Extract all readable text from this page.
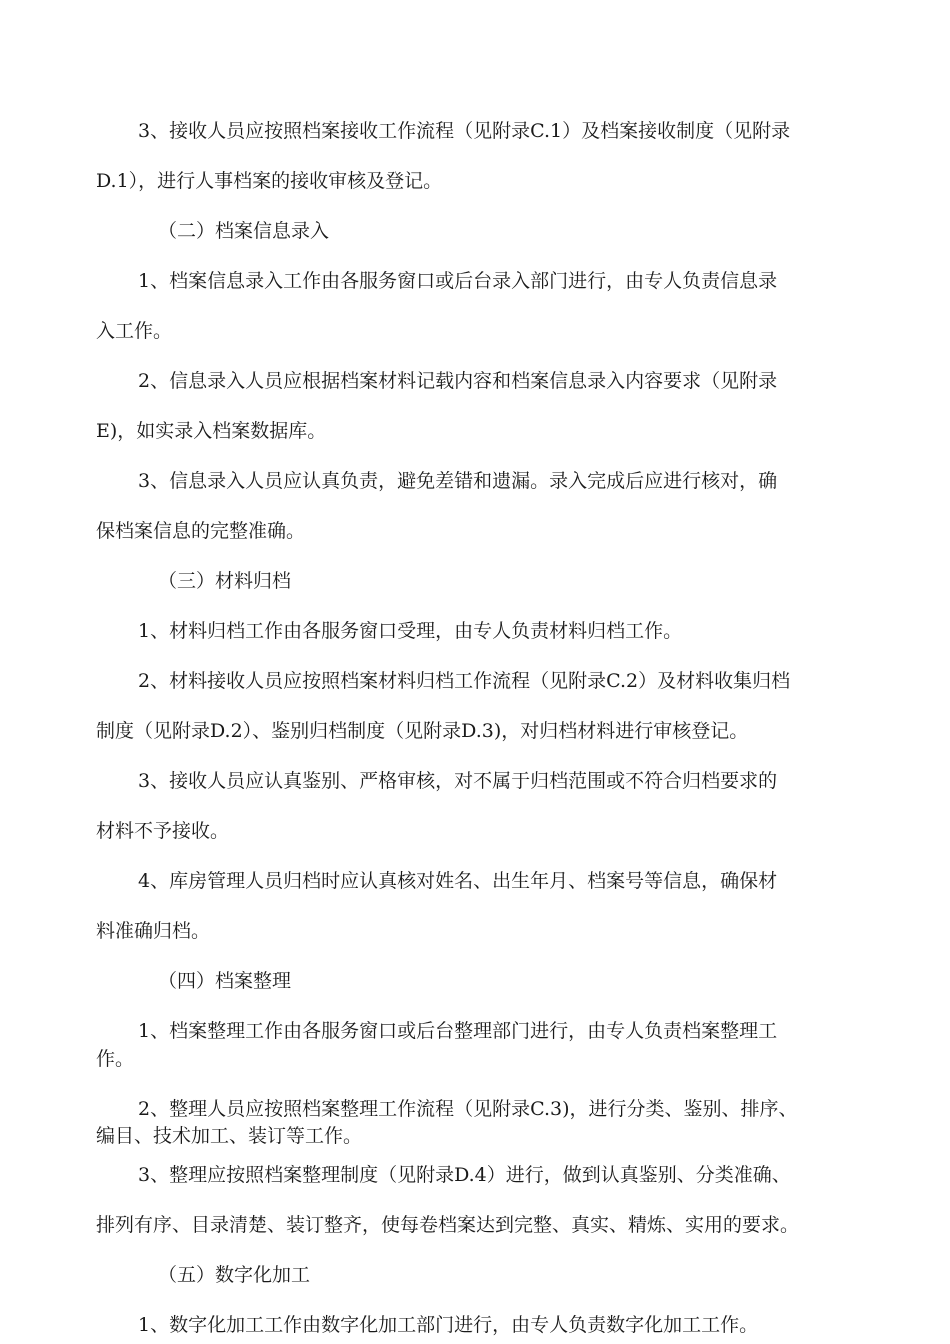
3、接收人员应按照档案接收工作流程（见附录C.1）及档案接收制度（见附录
D.1），进行人事档案的接收审核及登记。
（二）档案信息录入
1、档案信息录入工作由各服务窗口或后台录入部门进行，由专人负责信息录
入工作。
2、信息录入人员应根据档案材料记载内容和档案信息录入内容要求（见附录
E)，如实录入档案数据库。
3、信息录入人员应认真负责，避免差错和遗漏。录入完成后应进行核对，确
保档案信息的完整准确。
（三）材料归档
1、材料归档工作由各服务窗口受理，由专人负责材料归档工作。
2、材料接收人员应按照档案材料归档工作流程（见附录C.2）及材料收集归档
制度（见附录D.2）、鉴别归档制度（见附录D.3)，对归档材料进行审核登记。
3、接收人员应认真鉴别、严格审核，对不属于归档范围或不符合归档要求的
材料不予接收。
4、库房管理人员归档时应认真核对姓名、出生年月、档案号等信息，确保材
料准确归档。
（四）档案整理
1、档案整理工作由各服务窗口或后台整理部门进行，由专人负责档案整理工
作。
2、整理人员应按照档案整理工作流程（见附录C.3)，进行分类、鉴别、排序、
编目、技术加工、装订等工作。
3、整理应按照档案整理制度（见附录D.4）进行，做到认真鉴别、分类准确、
排列有序、目录清楚、装订整齐，使每卷档案达到完整、真实、精炼、实用的要求。
（五）数字化加工
1、数字化加工工作由数字化加工部门进行，由专人负责数字化加工工作。
